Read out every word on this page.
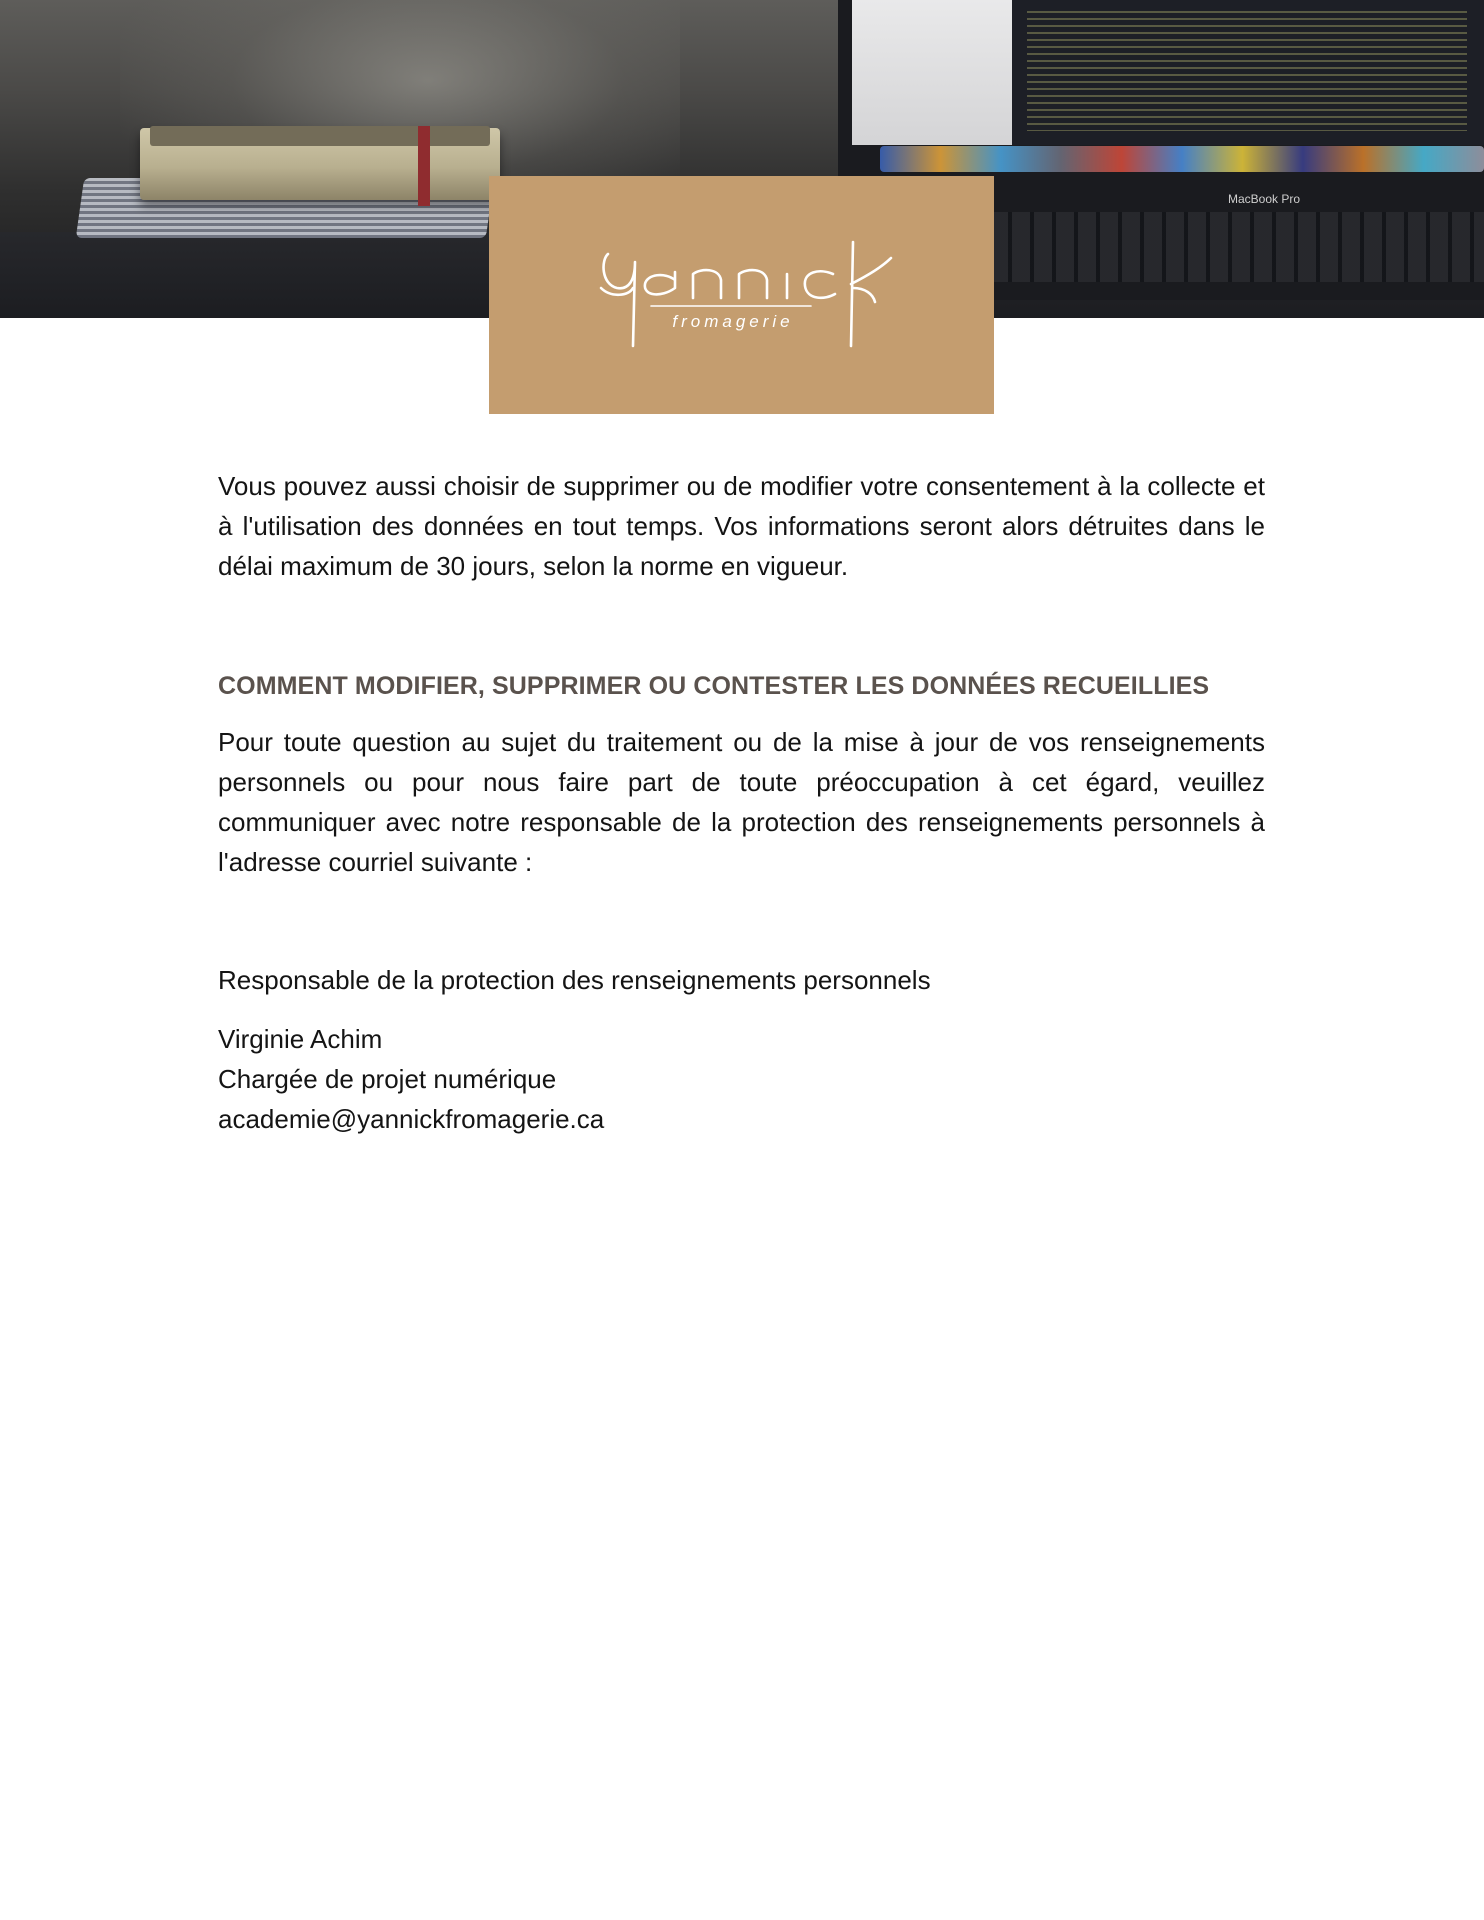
MacBook Pro
fromagerie

Vous pouvez aussi choisir de supprimer ou de modifier votre consentement à la collecte et à l'utilisation des données en tout temps. Vos informations seront alors détruites dans le délai maximum de 30 jours, selon la norme en vigueur.

COMMENT MODIFIER, SUPPRIMER OU CONTESTER LES DONNÉES RECUEILLIES

Pour toute question au sujet du traitement ou de la mise à jour de vos renseignements personnels ou pour nous faire part de toute préoccupation à cet égard, veuillez communiquer avec notre responsable de la protection des renseignements personnels à l'adresse courriel suivante :

Responsable de la protection des renseignements personnels
Virginie Achim
Chargée de projet numérique
academie@yannickfromagerie.ca
